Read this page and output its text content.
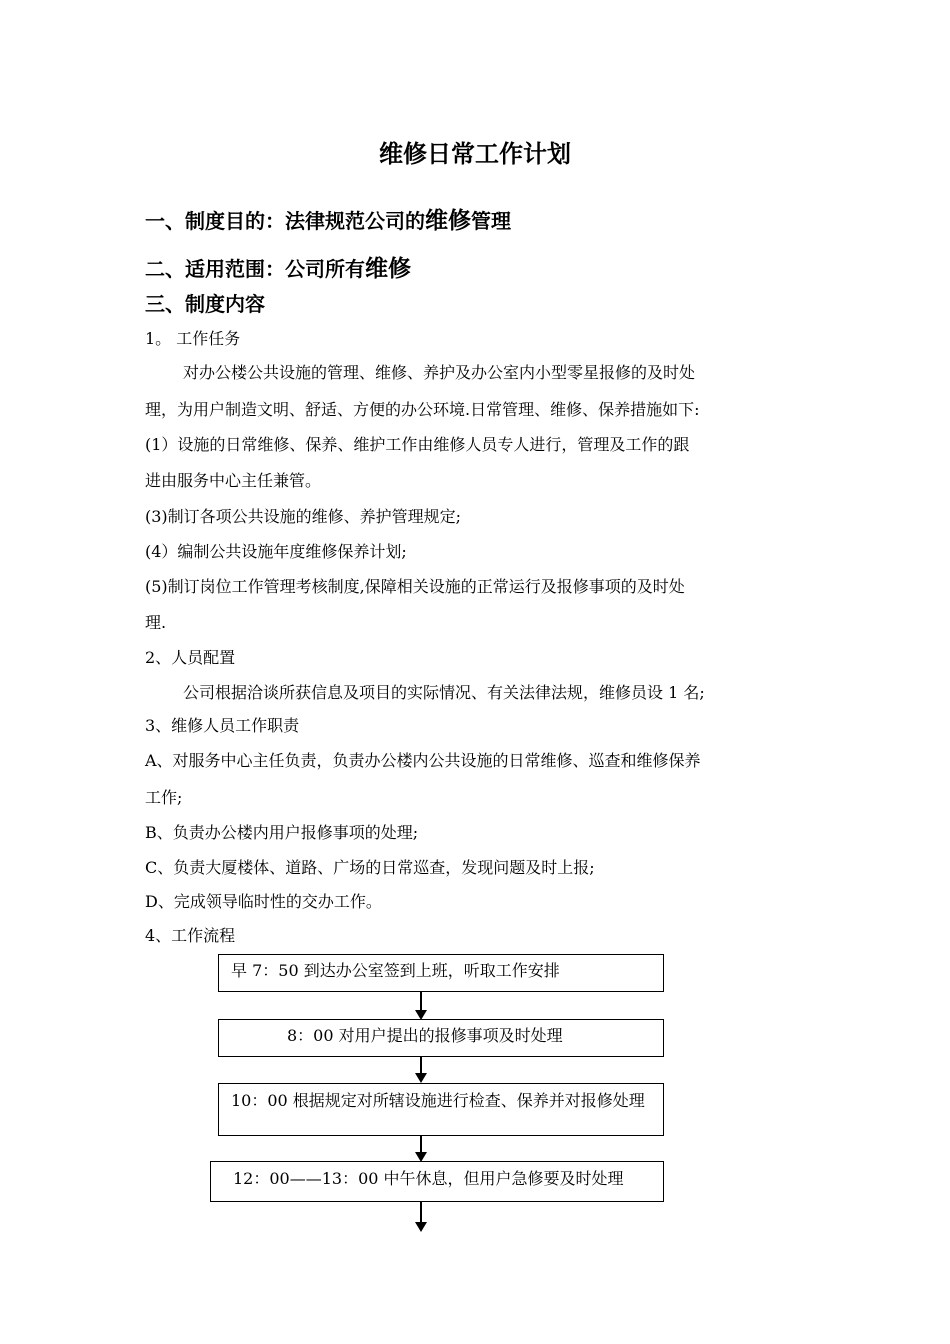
维修日常工作计划
一、制度目的：法律规范公司的维修管理
二、适用范围：公司所有维修
三、制度内容
1。 工作任务
对办公楼公共设施的管理、维修、养护及办公室内小型零星报修的及时处
理，为用户制造文明、舒适、方便的办公环境.日常管理、维修、保养措施如下:
(1）设施的日常维修、保养、维护工作由维修人员专人进行，管理及工作的跟
进由服务中心主任兼管。
(3)制订各项公共设施的维修、养护管理规定;
(4）编制公共设施年度维修保养计划;
(5)制订岗位工作管理考核制度,保障相关设施的正常运行及报修事项的及时处
理.
2、人员配置
公司根据洽谈所获信息及项目的实际情况、有关法律法规，维修员设 1 名;
3、维修人员工作职责
A、对服务中心主任负责，负责办公楼内公共设施的日常维修、巡查和维修保养
工作;
B、负责办公楼内用户报修事项的处理;
C、负责大厦楼体、道路、广场的日常巡查，发现问题及时上报;
D、完成领导临时性的交办工作。
4、工作流程
早 7：50 到达办公室签到上班，听取工作安排
8：00 对用户提出的报修事项及时处理
10：00 根据规定对所辖设施进行检查、保养并对报修处理
12：00——13：00 中午休息，但用户急修要及时处理
